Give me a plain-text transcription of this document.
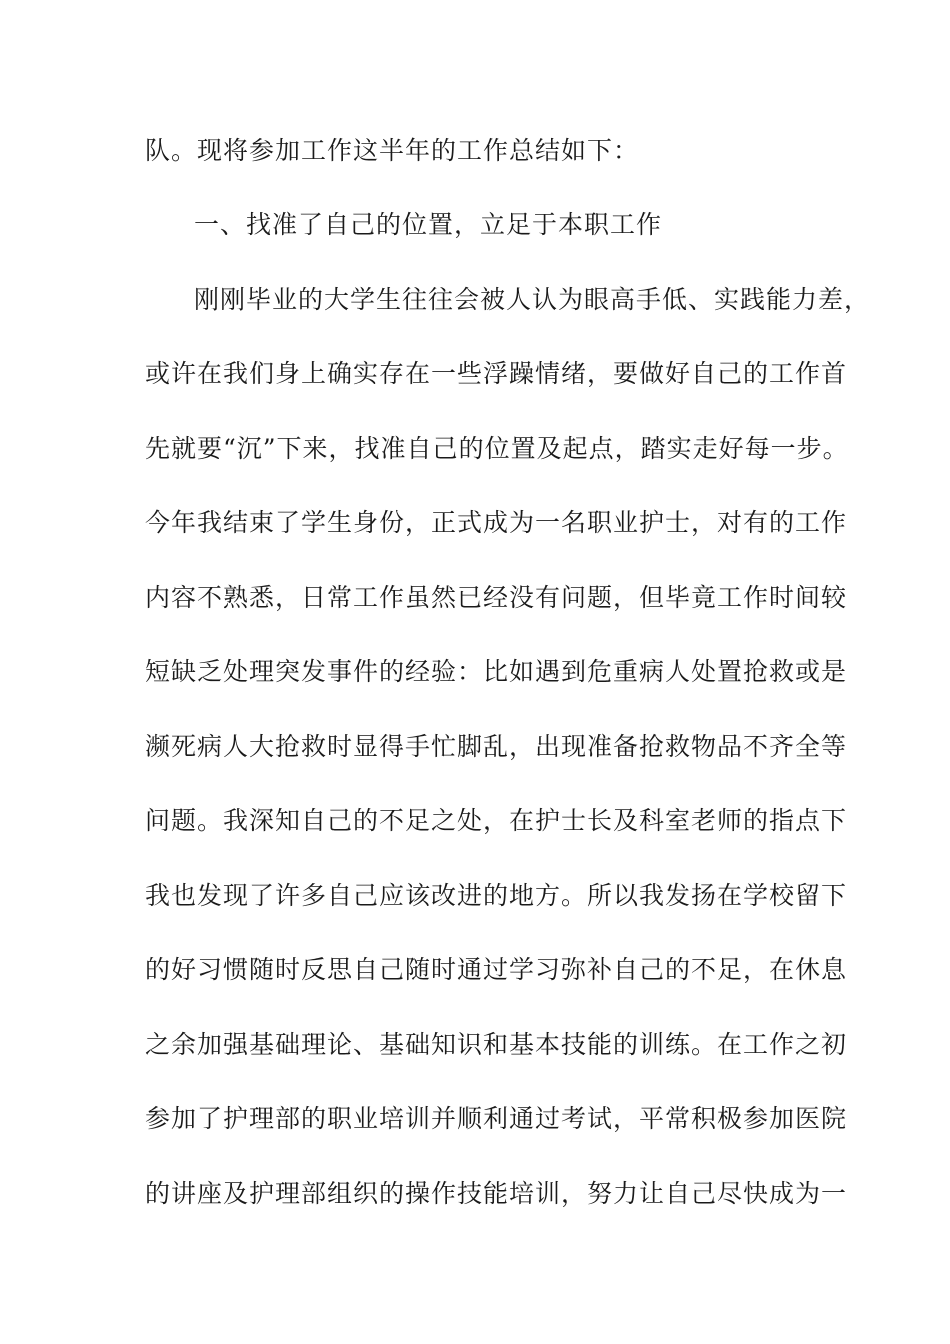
队。现将参加工作这半年的工作总结如下：
一、找准了自己的位置，立足于本职工作
刚刚毕业的大学生往往会被人认为眼高手低、实践能力差，
或许在我们身上确实存在一些浮躁情绪，要做好自己的工作首
先就要“沉”下来，找准自己的位置及起点，踏实走好每一步。
今年我结束了学生身份，正式成为一名职业护士，对有的工作
内容不熟悉，日常工作虽然已经没有问题，但毕竟工作时间较
短缺乏处理突发事件的经验：比如遇到危重病人处置抢救或是
濒死病人大抢救时显得手忙脚乱，出现准备抢救物品不齐全等
问题。我深知自己的不足之处，在护士长及科室老师的指点下
我也发现了许多自己应该改进的地方。所以我发扬在学校留下
的好习惯随时反思自己随时通过学习弥补自己的不足，在休息
之余加强基础理论、基础知识和基本技能的训练。在工作之初
参加了护理部的职业培训并顺利通过考试，平常积极参加医院
的讲座及护理部组织的操作技能培训，努力让自己尽快成为一
